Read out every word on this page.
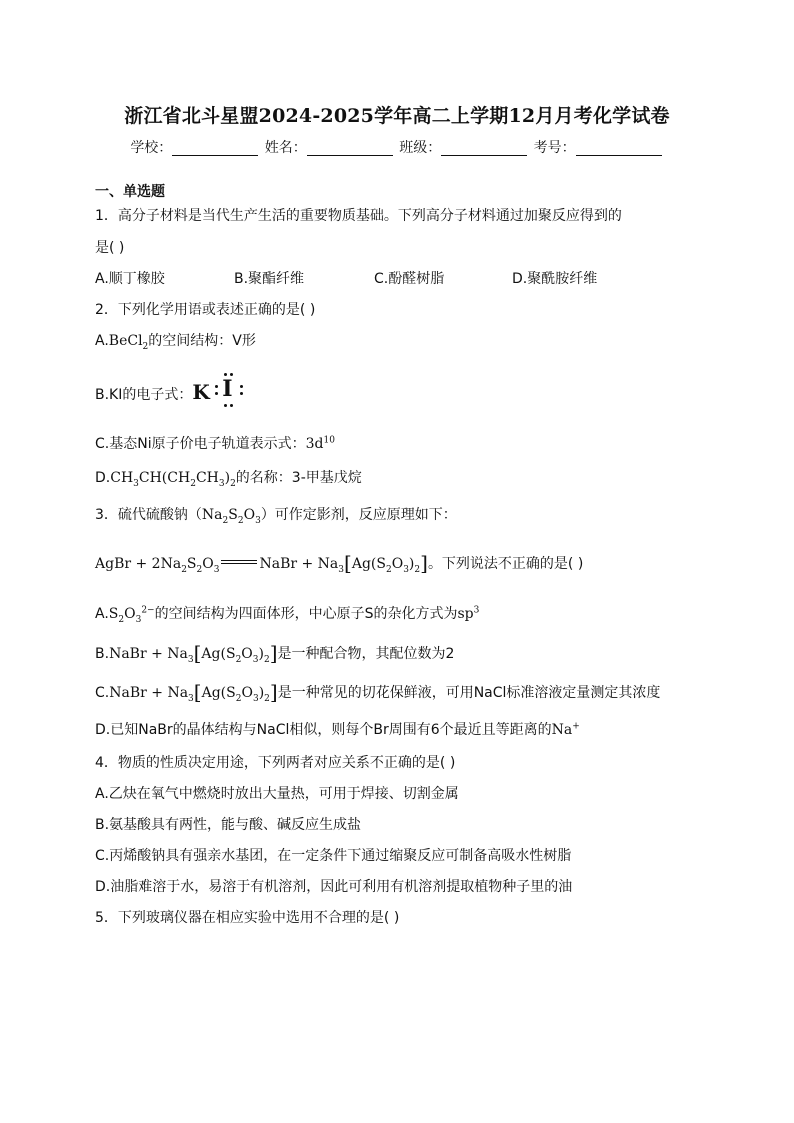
浙江省北斗星盟2024-2025学年高二上学期12月月考化学试卷
学校：	姓名：	班级：	考号：
一、单选题
1．高分子材料是当代生产生活的重要物质基础。下列高分子材料通过加聚反应得到的
是( )
A.顺丁橡胶	B.聚酯纤维	C.酚醛树脂	D.聚酰胺纤维
2．下列化学用语或表述正确的是( )
A.BeCl$_2$的空间结构：V形
B.KI的电子式：K I
C.基态Ni原子价电子轨道表示式：$3d^{10}$
$D.CH_3CH(CH_2CH_3)_2$的名称：3-甲基戊烷
3．硫代硫酸钠$(Na_2S_2O_3)$可作定影剂，反应原理如下：
AgBr + $2Na_2S_2O_3$	NaBr + $Na_3[Ag(S_2O_3)_2]$。下列说法不正确的是( )
$A.S_2O_3^{2-}$的空间结构为四面体形，中心原子S的杂化方式为$sp^3$
B.NaBr + $Na_3[Ag(S_2O_3)_2]$是一种配合物，其配位数为2
C.NaBr + $Na_3[Ag(S_2O_3)_2]$是一种常见的切花保鲜液，可用NaCl标准溶液定量测定其浓度
D.已知NaBr的晶体结构与NaCl相似，则每个Br周围有6个最近且等距离的Na+
4．物质的性质决定用途，下列两者对应关系不正确的是( )
A.乙炔在氧气中燃烧时放出大量热，可用于焊接、切割金属
B.氨基酸具有两性，能与酸、碱反应生成盐
C.丙烯酸钠具有强亲水基团，在一定条件下通过缩聚反应可制备高吸水性树脂
D.油脂难溶于水，易溶于有机溶剂，因此可利用有机溶剂提取植物种子里的油
5．下列玻璃仪器在相应实验中选用不合理的是( )
